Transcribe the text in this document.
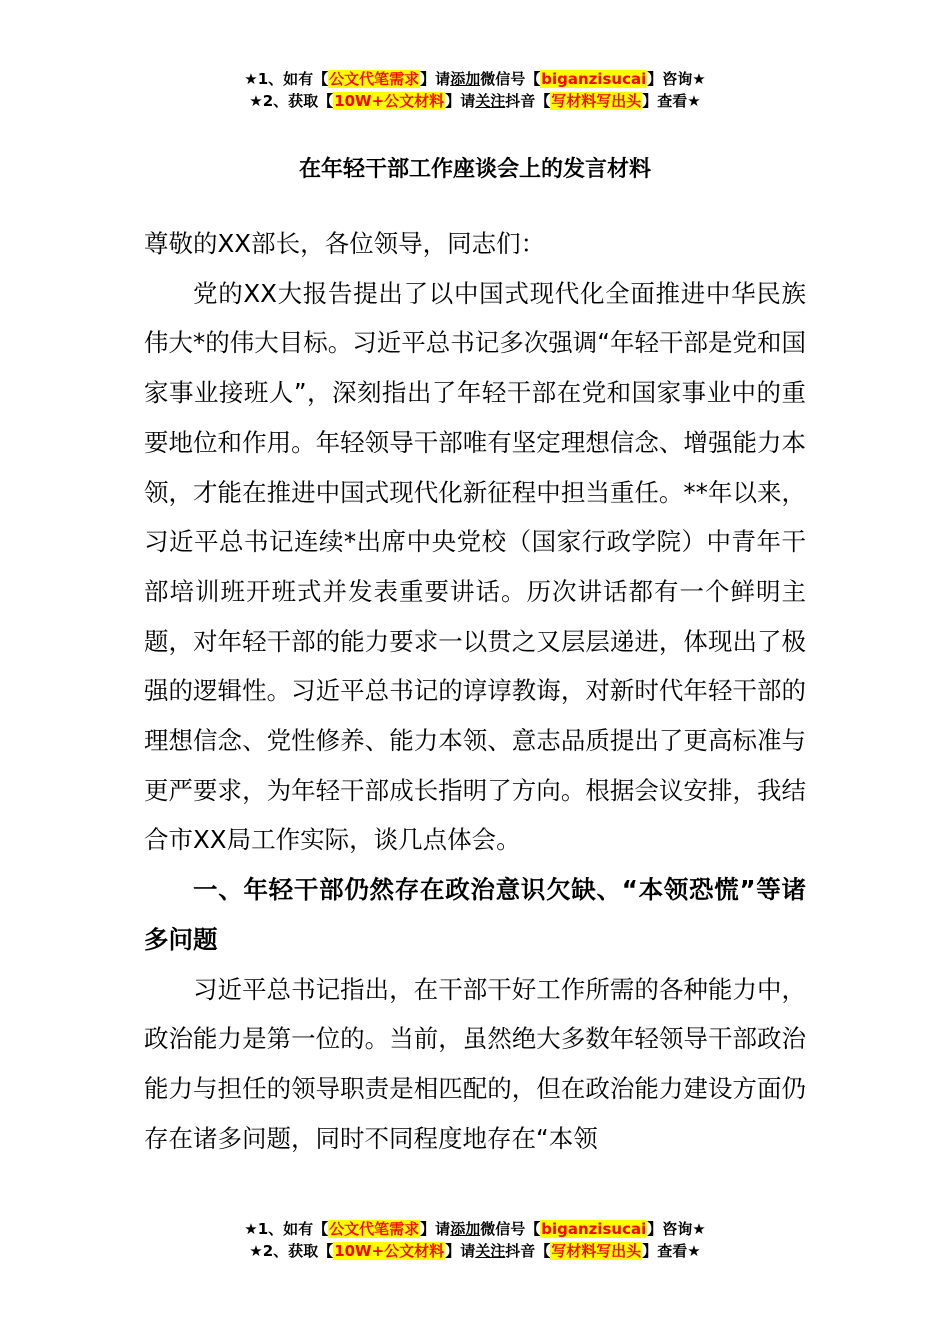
★1、如有【公文代笔需求】请添加微信号【biganzisucai】咨询★
★2、获取【10W+公文材料】请关注抖音【写材料写出头】查看★
在年轻干部工作座谈会上的发言材料

尊敬的XX部长，各位领导，同志们：

党的XX大报告提出了以中国式现代化全面推进中华民族伟大*的伟大目标。习近平总书记多次强调“年轻干部是党和国家事业接班人”，深刻指出了年轻干部在党和国家事业中的重要地位和作用。年轻领导干部唯有坚定理想信念、增强能力本领，才能在推进中国式现代化新征程中担当重任。**年以来，习近平总书记连续*出席中央党校（国家行政学院）中青年干部培训班开班式并发表重要讲话。历次讲话都有一个鲜明主题，对年轻干部的能力要求一以贯之又层层递进，体现出了极强的逻辑性。习近平总书记的谆谆教诲，对新时代年轻干部的理想信念、党性修养、能力本领、意志品质提出了更高标准与更严要求，为年轻干部成长指明了方向。根据会议安排，我结合市XX局工作实际，谈几点体会。

一、年轻干部仍然存在政治意识欠缺、“本领恐慌”等诸多问题

习近平总书记指出，在干部干好工作所需的各种能力中，政治能力是第一位的。当前，虽然绝大多数年轻领导干部政治能力与担任的领导职责是相匹配的，但在政治能力建设方面仍存在诸多问题，同时不同程度地存在“本领

★1、如有【公文代笔需求】请添加微信号【biganzisucai】咨询★
★2、获取【10W+公文材料】请关注抖音【写材料写出头】查看★
